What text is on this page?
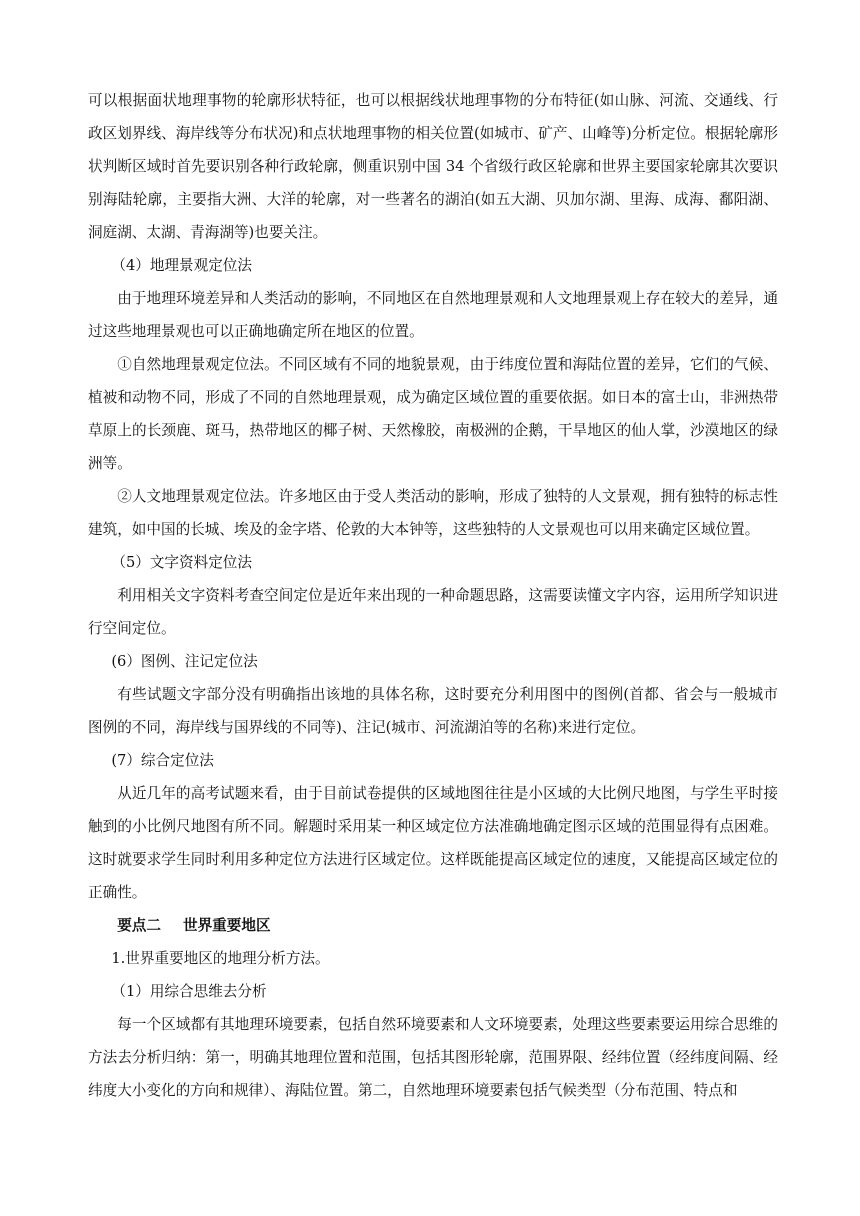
可以根据面状地理事物的轮廓形状特征，也可以根据线状地理事物的分布特征(如山脉、河流、交通线、行政区划界线、海岸线等分布状况)和点状地理事物的相关位置(如城市、矿产、山峰等)分析定位。根据轮廓形状判断区域时首先要识别各种行政轮廓，侧重识别中国 34 个省级行政区轮廓和世界主要国家轮廓其次要识别海陆轮廓，主要指大洲、大洋的轮廓，对一些著名的湖泊(如五大湖、贝加尔湖、里海、成海、鄱阳湖、洞庭湖、太湖、青海湖等)也要关注。

（4）地理景观定位法

由于地理环境差异和人类活动的影响，不同地区在自然地理景观和人文地理景观上存在较大的差异，通过这些地理景观也可以正确地确定所在地区的位置。

①自然地理景观定位法。不同区域有不同的地貌景观，由于纬度位置和海陆位置的差异，它们的气候、植被和动物不同，形成了不同的自然地理景观，成为确定区域位置的重要依据。如日本的富士山，非洲热带草原上的长颈鹿、斑马，热带地区的椰子树、天然橡胶，南极洲的企鹅，干旱地区的仙人掌，沙漠地区的绿洲等。

②人文地理景观定位法。许多地区由于受人类活动的影响，形成了独特的人文景观，拥有独特的标志性建筑，如中国的长城、埃及的金字塔、伦敦的大本钟等，这些独特的人文景观也可以用来确定区域位置。

（5）文字资料定位法

利用相关文字资料考查空间定位是近年来出现的一种命题思路，这需要读懂文字内容，运用所学知识进行空间定位。

(6）图例、注记定位法

有些试题文字部分没有明确指出该地的具体名称，这时要充分利用图中的图例(首都、省会与一般城市图例的不同，海岸线与国界线的不同等)、注记(城市、河流湖泊等的名称)来进行定位。

(7）综合定位法

从近几年的高考试题来看，由于目前试卷提供的区域地图往往是小区域的大比例尺地图，与学生平时接触到的小比例尺地图有所不同。解题时采用某一种区域定位方法准确地确定图示区域的范围显得有点困难。这时就要求学生同时利用多种定位方法进行区域定位。这样既能提高区域定位的速度，又能提高区域定位的正确性。

要点二 世界重要地区

1.世界重要地区的地理分析方法。

（1）用综合思维去分析

每一个区域都有其地理环境要素，包括自然环境要素和人文环境要素，处理这些要素要运用综合思维的方法去分析归纳：第一，明确其地理位置和范围，包括其图形轮廓，范围界限、经纬位置（经纬度间隔、经纬度大小变化的方向和规律）、海陆位置。第二，自然地理环境要素包括气候类型（分布范围、特点和
